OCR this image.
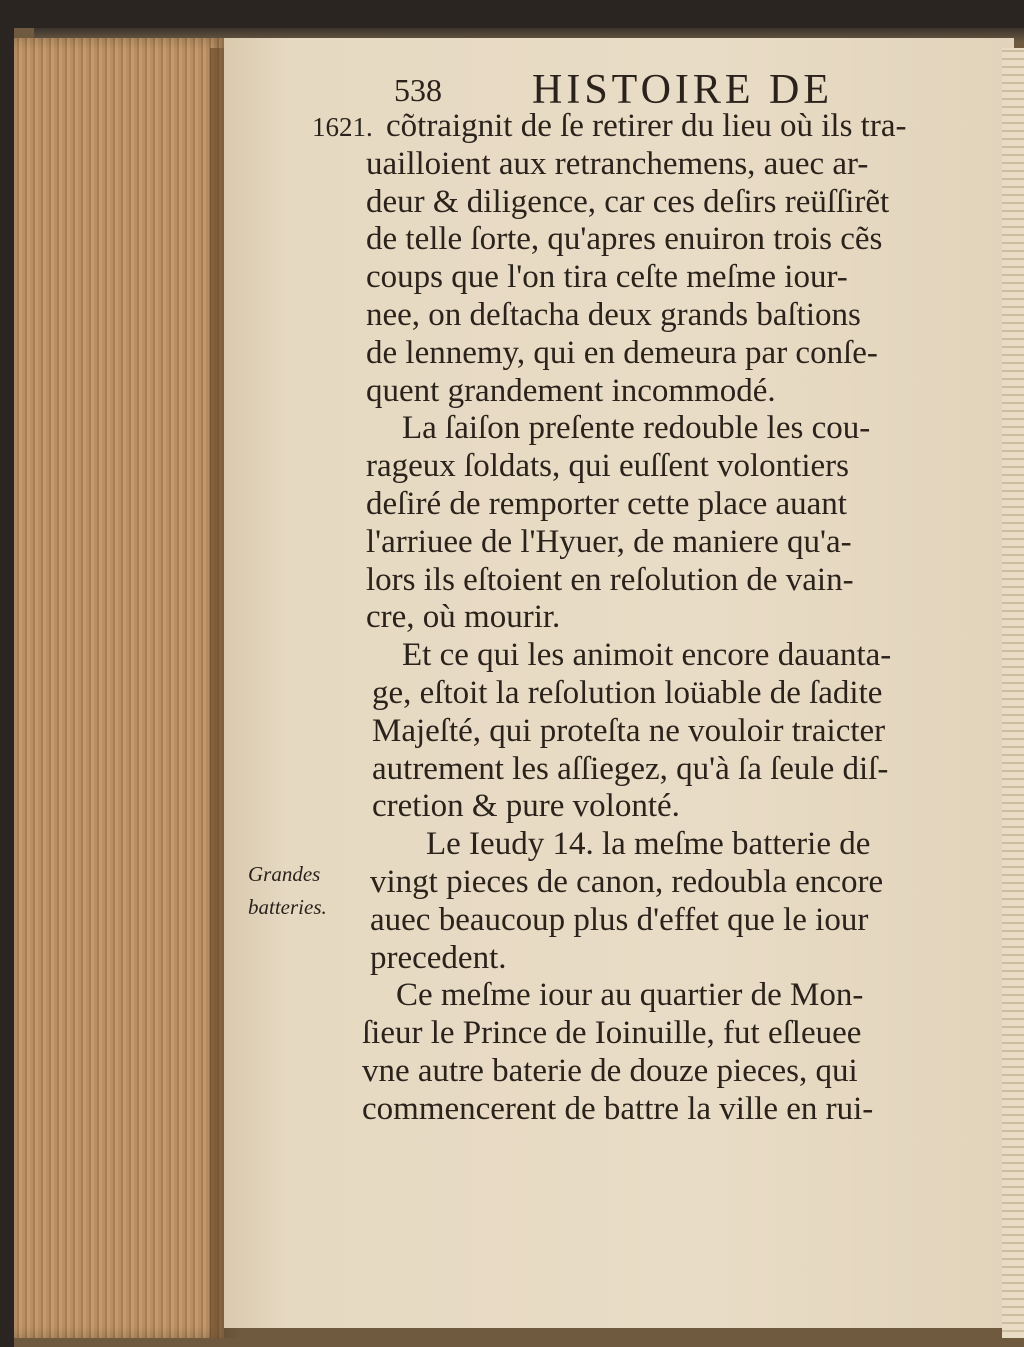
538 HISTOIRE DE
1621.
Grandes
batteries.
cõtraignit de ſe retirer du lieu où ils tra-
uailloient aux retranchemens, auec ar-
deur & diligence, car ces deſirs reüſſirẽt
de telle ſorte, qu'apres enuiron trois cẽs
coups que l'on tira ceſte meſme iour-
nee, on deſtacha deux grands baſtions
de lennemy, qui en demeura par conſe-
quent grandement incommodé.
La ſaiſon preſente redouble les cou-
rageux ſoldats, qui euſſent volontiers
deſiré de remporter cette place auant
l'arriuee de l'Hyuer, de maniere qu'a-
lors ils eſtoient en reſolution de vain-
cre, où mourir.
Et ce qui les animoit encore dauanta-
ge, eſtoit la reſolution loüable de ſadite
Majeſté, qui proteſta ne vouloir traicter
autrement les aſſiegez, qu'à ſa ſeule diſ-
cretion & pure volonté.
Le Ieudy 14. la meſme batterie de
vingt pieces de canon, redoubla encore
auec beaucoup plus d'effet que le iour
precedent.
Ce meſme iour au quartier de Mon-
ſieur le Prince de Ioinuille, fut eſleuee
vne autre baterie de douze pieces, qui
commencerent de battre la ville en rui-
